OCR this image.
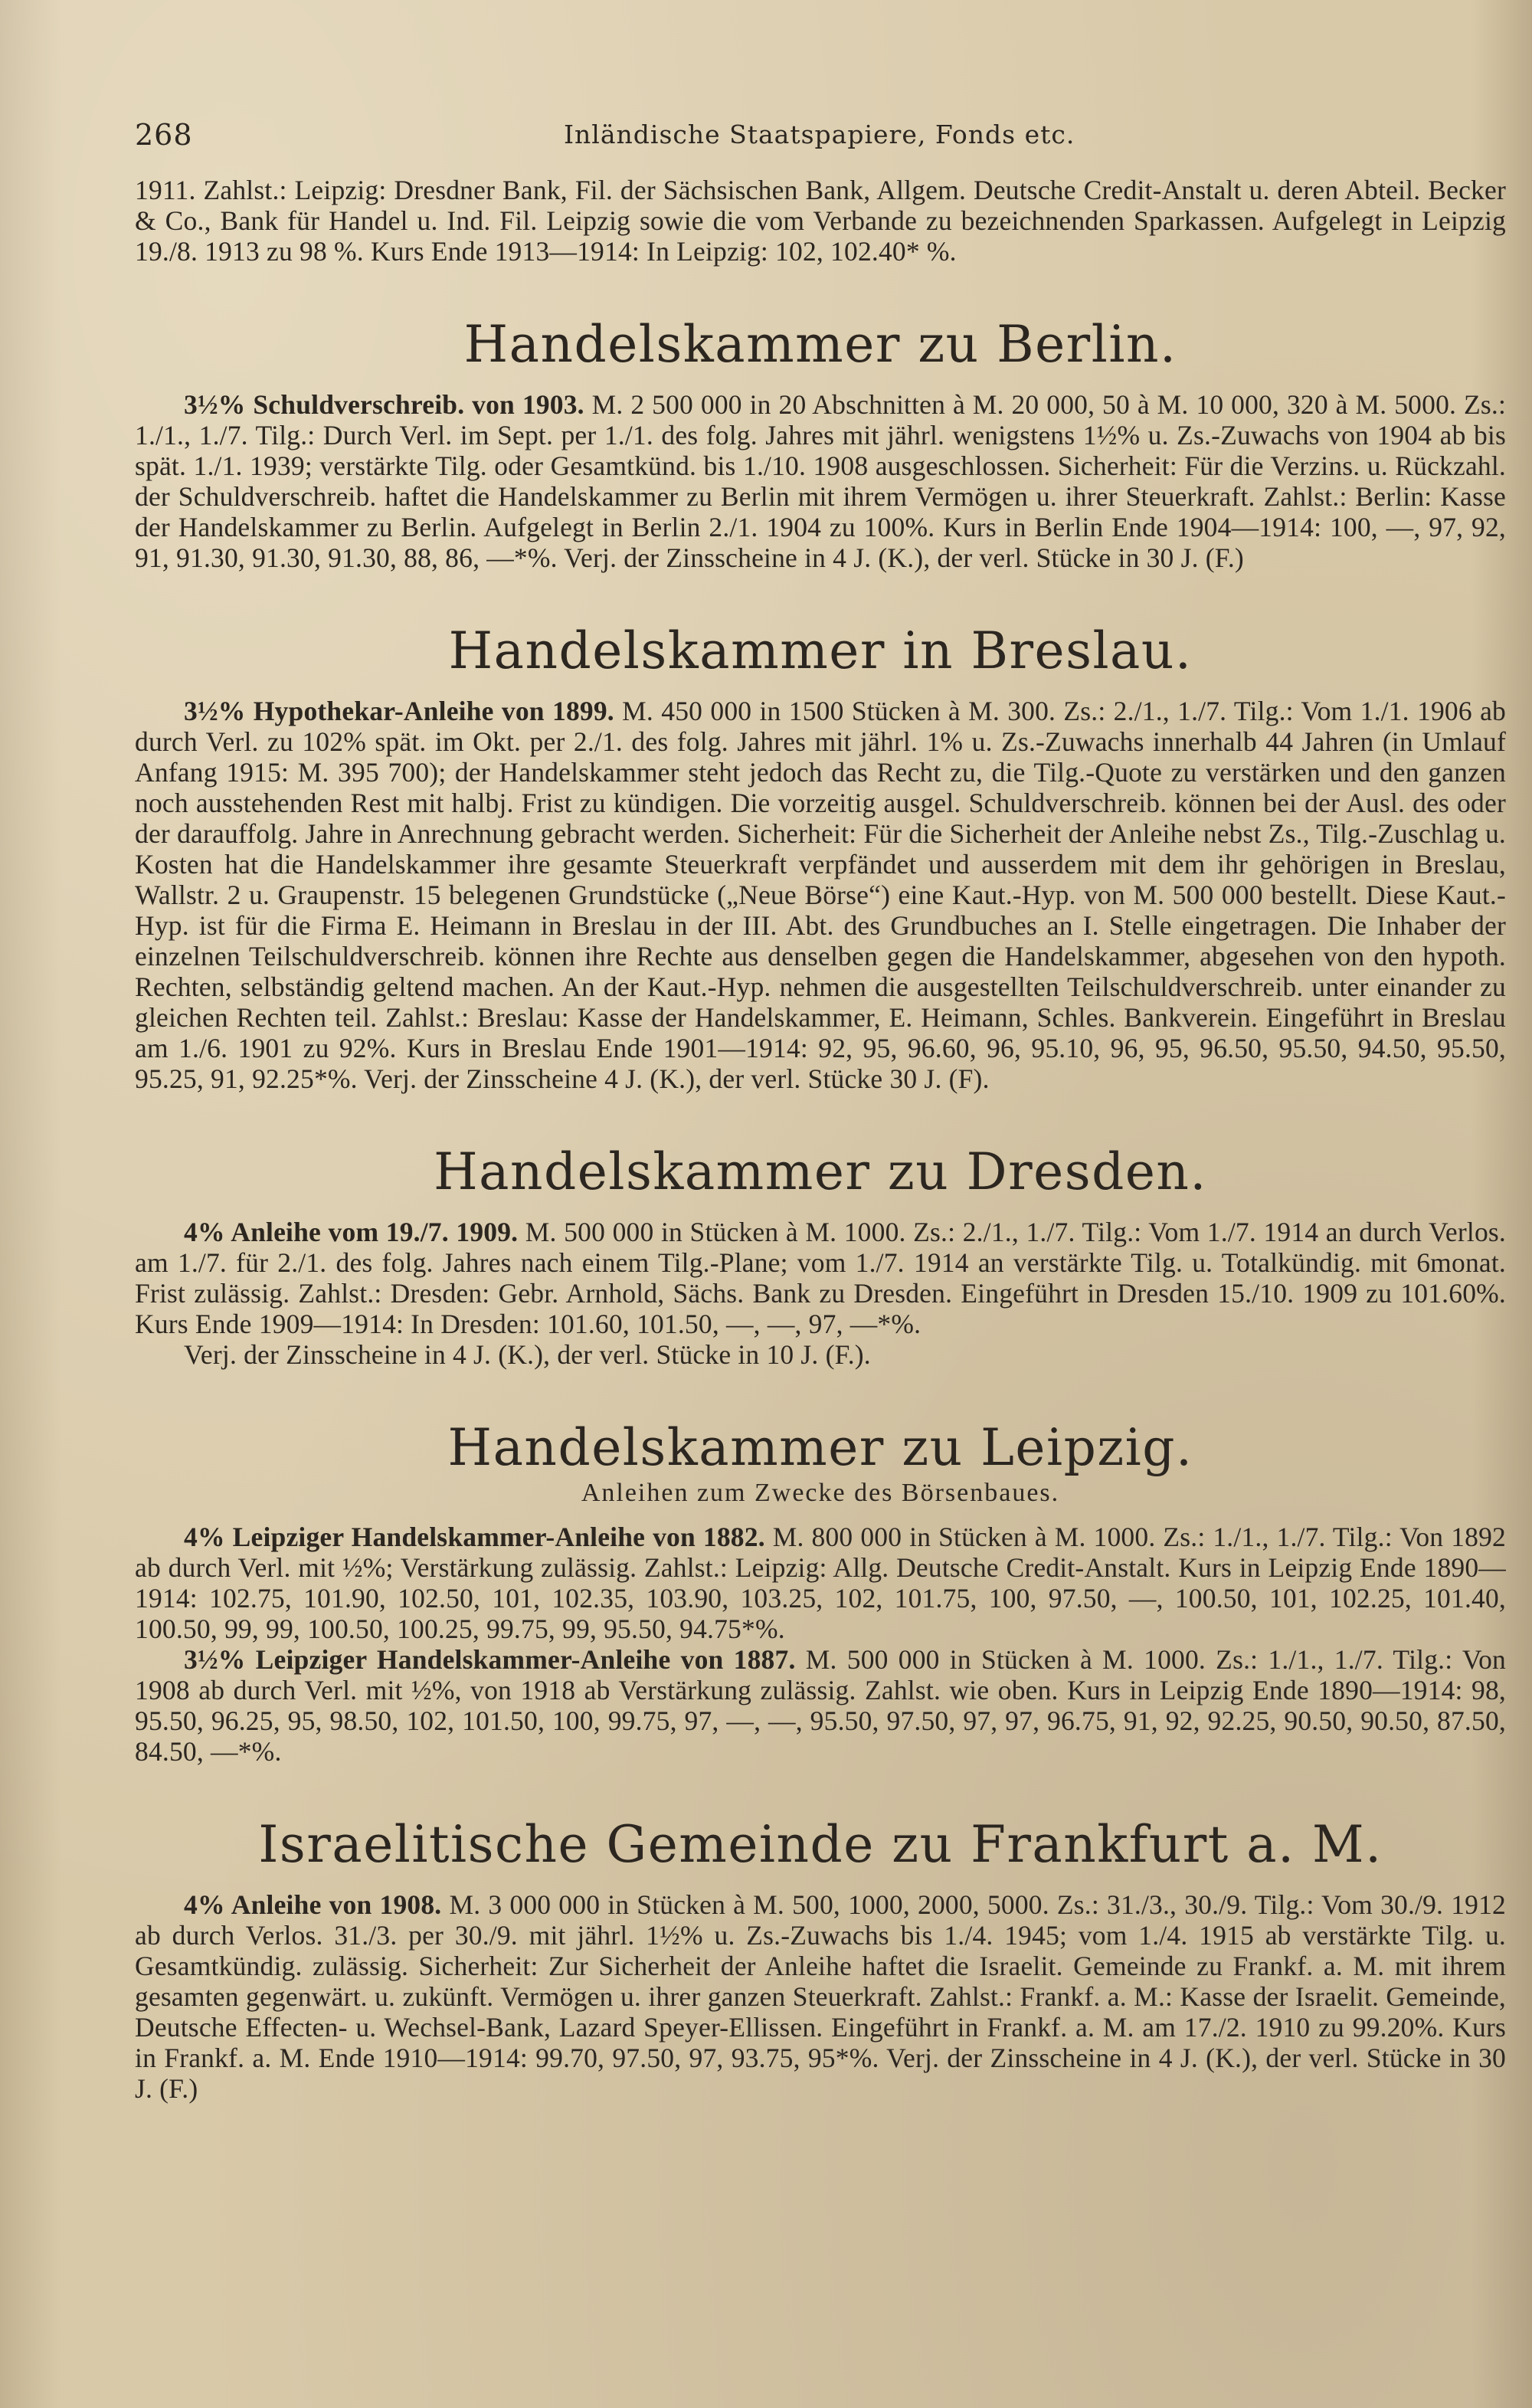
268	Inländische Staatspapiere, Fonds etc.

1911. Zahlst.: Leipzig: Dresdner Bank, Fil. der Sächsischen Bank, Allgem. Deutsche Credit-Anstalt u. deren Abteil. Becker & Co., Bank für Handel u. Ind. Fil. Leipzig sowie die vom Verbande zu bezeichnenden Sparkassen. Aufgelegt in Leipzig 19./8. 1913 zu 98 %. Kurs Ende 1913—1914: In Leipzig: 102, 102.40* %.

Handelskammer zu Berlin.

3½% Schuldverschreib. von 1903. M. 2 500 000 in 20 Abschnitten à M. 20 000, 50 à M. 10 000, 320 à M. 5000. Zs.: 1./1., 1./7. Tilg.: Durch Verl. im Sept. per 1./1. des folg. Jahres mit jährl. wenigstens 1½% u. Zs.-Zuwachs von 1904 ab bis spät. 1./1. 1939; verstärkte Tilg. oder Gesamtkünd. bis 1./10. 1908 ausgeschlossen. Sicherheit: Für die Verzins. u. Rückzahl. der Schuldverschreib. haftet die Handelskammer zu Berlin mit ihrem Vermögen u. ihrer Steuerkraft. Zahlst.: Berlin: Kasse der Handelskammer zu Berlin. Aufgelegt in Berlin 2./1. 1904 zu 100%. Kurs in Berlin Ende 1904—1914: 100, —, 97, 92, 91, 91.30, 91.30, 91.30, 88, 86, —*%. Verj. der Zinsscheine in 4 J. (K.), der verl. Stücke in 30 J. (F.)

Handelskammer in Breslau.

3½% Hypothekar-Anleihe von 1899. M. 450 000 in 1500 Stücken à M. 300. Zs.: 2./1., 1./7. Tilg.: Vom 1./1. 1906 ab durch Verl. zu 102% spät. im Okt. per 2./1. des folg. Jahres mit jährl. 1% u. Zs.-Zuwachs innerhalb 44 Jahren (in Umlauf Anfang 1915: M. 395 700); der Handelskammer steht jedoch das Recht zu, die Tilg.-Quote zu verstärken und den ganzen noch ausstehenden Rest mit halbj. Frist zu kündigen. Die vorzeitig ausgel. Schuldverschreib. können bei der Ausl. des oder der darauffolg. Jahre in Anrechnung gebracht werden. Sicherheit: Für die Sicherheit der Anleihe nebst Zs., Tilg.-Zuschlag u. Kosten hat die Handelskammer ihre gesamte Steuerkraft verpfändet und ausserdem mit dem ihr gehörigen in Breslau, Wallstr. 2 u. Graupenstr. 15 belegenen Grundstücke („Neue Börse“) eine Kaut.-Hyp. von M. 500 000 bestellt. Diese Kaut.-Hyp. ist für die Firma E. Heimann in Breslau in der III. Abt. des Grundbuches an I. Stelle eingetragen. Die Inhaber der einzelnen Teilschuldverschreib. können ihre Rechte aus denselben gegen die Handelskammer, abgesehen von den hypoth. Rechten, selbständig geltend machen. An der Kaut.-Hyp. nehmen die ausgestellten Teilschuldverschreib. unter einander zu gleichen Rechten teil. Zahlst.: Breslau: Kasse der Handelskammer, E. Heimann, Schles. Bankverein. Eingeführt in Breslau am 1./6. 1901 zu 92%. Kurs in Breslau Ende 1901—1914: 92, 95, 96.60, 96, 95.10, 96, 95, 96.50, 95.50, 94.50, 95.50, 95.25, 91, 92.25*%. Verj. der Zinsscheine 4 J. (K.), der verl. Stücke 30 J. (F).

Handelskammer zu Dresden.

4% Anleihe vom 19./7. 1909. M. 500 000 in Stücken à M. 1000. Zs.: 2./1., 1./7. Tilg.: Vom 1./7. 1914 an durch Verlos. am 1./7. für 2./1. des folg. Jahres nach einem Tilg.-Plane; vom 1./7. 1914 an verstärkte Tilg. u. Totalkündig. mit 6monat. Frist zulässig. Zahlst.: Dresden: Gebr. Arnhold, Sächs. Bank zu Dresden. Eingeführt in Dresden 15./10. 1909 zu 101.60%. Kurs Ende 1909—1914: In Dresden: 101.60, 101.50, —, —, 97, —*%.

Verj. der Zinsscheine in 4 J. (K.), der verl. Stücke in 10 J. (F.).

Handelskammer zu Leipzig.

Anleihen zum Zwecke des Börsenbaues.

4% Leipziger Handelskammer-Anleihe von 1882. M. 800 000 in Stücken à M. 1000. Zs.: 1./1., 1./7. Tilg.: Von 1892 ab durch Verl. mit ½%; Verstärkung zulässig. Zahlst.: Leipzig: Allg. Deutsche Credit-Anstalt. Kurs in Leipzig Ende 1890—1914: 102.75, 101.90, 102.50, 101, 102.35, 103.90, 103.25, 102, 101.75, 100, 97.50, —, 100.50, 101, 102.25, 101.40, 100.50, 99, 99, 100.50, 100.25, 99.75, 99, 95.50, 94.75*%.

3½% Leipziger Handelskammer-Anleihe von 1887. M. 500 000 in Stücken à M. 1000. Zs.: 1./1., 1./7. Tilg.: Von 1908 ab durch Verl. mit ½%, von 1918 ab Verstärkung zulässig. Zahlst. wie oben. Kurs in Leipzig Ende 1890—1914: 98, 95.50, 96.25, 95, 98.50, 102, 101.50, 100, 99.75, 97, —, —, 95.50, 97.50, 97, 97, 96.75, 91, 92, 92.25, 90.50, 90.50, 87.50, 84.50, —*%.

Israelitische Gemeinde zu Frankfurt a. M.

4% Anleihe von 1908. M. 3 000 000 in Stücken à M. 500, 1000, 2000, 5000. Zs.: 31./3., 30./9. Tilg.: Vom 30./9. 1912 ab durch Verlos. 31./3. per 30./9. mit jährl. 1½% u. Zs.-Zuwachs bis 1./4. 1945; vom 1./4. 1915 ab verstärkte Tilg. u. Gesamtkündig. zulässig. Sicherheit: Zur Sicherheit der Anleihe haftet die Israelit. Gemeinde zu Frankf. a. M. mit ihrem gesamten gegenwärt. u. zukünft. Vermögen u. ihrer ganzen Steuerkraft. Zahlst.: Frankf. a. M.: Kasse der Israelit. Gemeinde, Deutsche Effecten- u. Wechsel-Bank, Lazard Speyer-Ellissen. Eingeführt in Frankf. a. M. am 17./2. 1910 zu 99.20%. Kurs in Frankf. a. M. Ende 1910—1914: 99.70, 97.50, 97, 93.75, 95*%. Verj. der Zinsscheine in 4 J. (K.), der verl. Stücke in 30 J. (F.)
